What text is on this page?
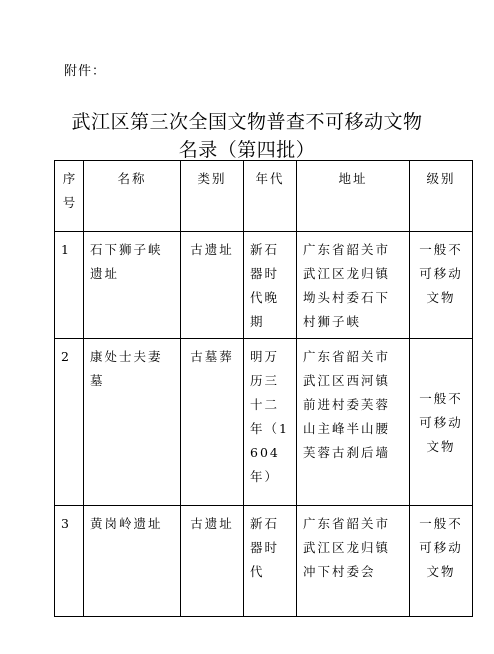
附件：
武江区第三次全国文物普查不可移动文物
名录（第四批）
序号	名称	类别	年代	地址	级别
1	石下狮子峡遗址	古遗址	新石器时代晚期	广东省韶关市武江区龙归镇坳头村委石下村狮子峡	一般不可移动文物
2	康处士夫妻墓	古墓葬	明万历三十二年（1604年）	广东省韶关市武江区西河镇前进村委芙蓉山主峰半山腰芙蓉古刹后墙	一般不可移动文物
3	黄岗岭遗址	古遗址	新石器时代	广东省韶关市武江区龙归镇冲下村委会	一般不可移动文物
